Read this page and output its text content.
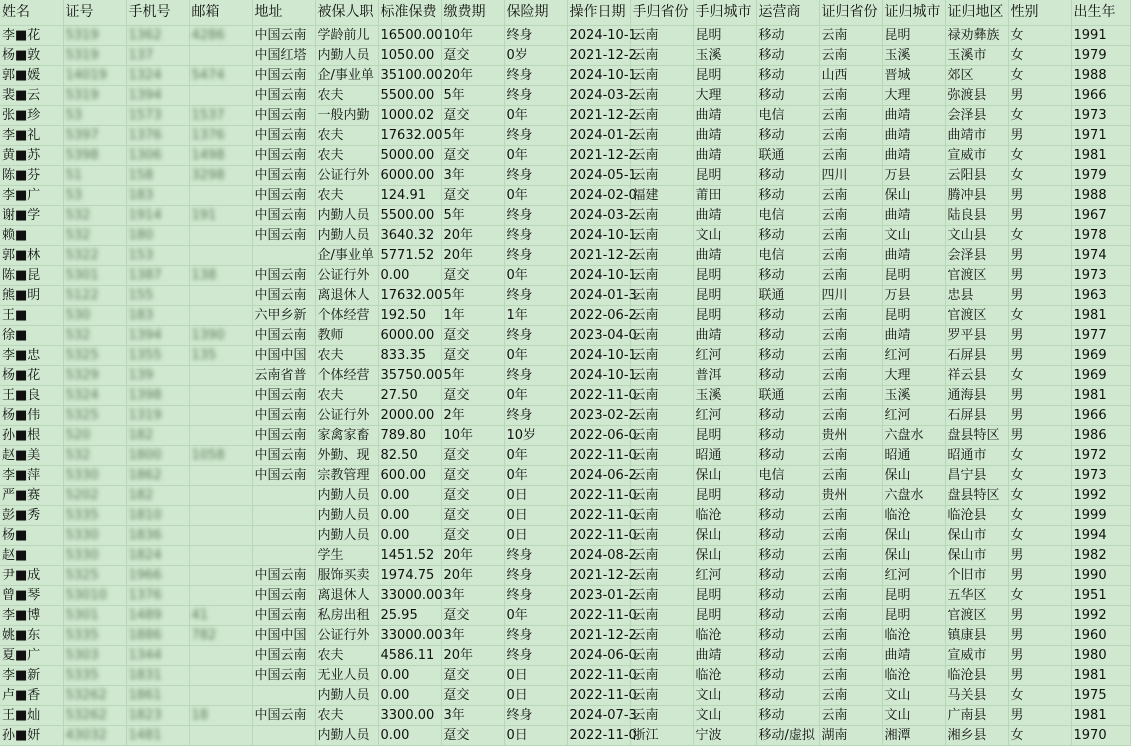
姓名	证号	手机号	邮箱	地址	被保人职	标准保费	缴费期	保险期	操作日期	手归省份	手归城市	运营商	证归省份	证归城市	证归地区	性别	出生年
李■花	5319	1362	4286	中国云南	学龄前儿	16500.00	10年	终身	2024-10-1	云南	昆明	移动	云南	昆明	禄劝彝族	女	1991
杨■敦	5319	137		中国红塔	内勤人员	1050.00	趸交	0岁	2021-12-2	云南	玉溪	移动	云南	玉溪	玉溪市	女	1979
郭■媛	14019	1324	5474	中国云南	企/事业单	35100.00	20年	终身	2024-10-1	云南	昆明	移动	山西	晋城	郊区	女	1988
裴■云	5319	1394		中国云南	农夫	5500.00	5年	终身	2024-03-2	云南	大理	移动	云南	大理	弥渡县	男	1966
张■珍	53	1573	1537	中国云南	一般内勤	1000.02	趸交	0年	2021-12-2	云南	曲靖	电信	云南	曲靖	会泽县	女	1973
李■礼	5397	1376	1376	中国云南	农夫	17632.00	5年	终身	2024-01-2	云南	曲靖	移动	云南	曲靖	曲靖市	男	1971
黄■苏	5398	1306	1498	中国云南	农夫	5000.00	趸交	0年	2021-12-2	云南	曲靖	联通	云南	曲靖	宣威市	女	1981
陈■芬	51	158	3298	中国云南	公证行外	6000.00	3年	终身	2024-05-1	云南	昆明	移动	四川	万县	云阳县	女	1979
李■广	53	183		中国云南	农夫	124.91	趸交	0年	2024-02-0	福建	莆田	移动	云南	保山	腾冲县	男	1988
谢■学	532	1914	191	中国云南	内勤人员	5500.00	5年	终身	2024-03-2	云南	曲靖	电信	云南	曲靖	陆良县	男	1967
赖■	532	180		中国云南	内勤人员	3640.32	20年	终身	2024-10-1	云南	文山	移动	云南	文山	文山县	女	1978
郭■林	5322	153			企/事业单	5771.52	20年	终身	2021-12-2	云南	曲靖	电信	云南	曲靖	会泽县	男	1974
陈■昆	5301	1387	138	中国云南	公证行外	0.00	趸交	0年	2024-10-1	云南	昆明	移动	云南	昆明	官渡区	男	1973
熊■明	5122	155		中国云南	离退休人	17632.00	5年	终身	2024-01-3	云南	昆明	联通	四川	万县	忠县	男	1963
王■	530	183		六甲乡新	个体经营	192.50	1年	1年	2022-06-2	云南	昆明	移动	云南	昆明	官渡区	女	1981
徐■	532	1394	1390	中国云南	教师	6000.00	趸交	终身	2023-04-0	云南	曲靖	移动	云南	曲靖	罗平县	男	1977
李■忠	5325	1355	135	中国中国	农夫	833.35	趸交	0年	2024-10-1	云南	红河	移动	云南	红河	石屏县	男	1969
杨■花	5329	139		云南省普	个体经营	35750.00	5年	终身	2024-10-1	云南	普洱	移动	云南	大理	祥云县	女	1969
王■良	5324	1398		中国云南	农夫	27.50	趸交	0年	2022-11-0	云南	玉溪	联通	云南	玉溪	通海县	男	1981
杨■伟	5325	1319		中国云南	公证行外	2000.00	2年	终身	2023-02-2	云南	红河	移动	云南	红河	石屏县	男	1966
孙■根	520	182		中国云南	家禽家畜	789.80	10年	10岁	2022-06-0	云南	昆明	移动	贵州	六盘水	盘县特区	男	1986
赵■美	532	1800	1058	中国云南	外勤、现	82.50	趸交	0年	2022-11-0	云南	昭通	移动	云南	昭通	昭通市	女	1972
李■萍	5330	1862		中国云南	宗教管理	600.00	趸交	0年	2024-06-2	云南	保山	电信	云南	保山	昌宁县	女	1973
严■赛	5202	182			内勤人员	0.00	趸交	0日	2022-11-0	云南	昆明	移动	贵州	六盘水	盘县特区	女	1992
彭■秀	5335	1810			内勤人员	0.00	趸交	0日	2022-11-0	云南	临沧	移动	云南	临沧	临沧县	女	1999
杨■	5330	1836			内勤人员	0.00	趸交	0日	2022-11-0	云南	保山	移动	云南	保山	保山市	女	1994
赵■	5330	1824			学生	1451.52	20年	终身	2024-08-2	云南	保山	移动	云南	保山	保山市	男	1982
尹■成	5325	1966		中国云南	服饰买卖	1974.75	20年	终身	2021-12-2	云南	红河	移动	云南	红河	个旧市	男	1990
曾■琴	53010	1376		中国云南	离退休人	33000.00	3年	终身	2023-01-2	云南	昆明	移动	云南	昆明	五华区	女	1951
李■博	5301	1489	41	中国云南	私房出租	25.95	趸交	0年	2022-11-0	云南	昆明	移动	云南	昆明	官渡区	男	1992
姚■东	5335	1886	782	中国中国	公证行外	33000.00	3年	终身	2021-12-2	云南	临沧	移动	云南	临沧	镇康县	男	1960
夏■广	5303	1344		中国云南	农夫	4586.11	20年	终身	2024-06-0	云南	曲靖	移动	云南	曲靖	宣威市	男	1980
李■新	5335	1831		中国云南	无业人员	0.00	趸交	0日	2022-11-0	云南	临沧	移动	云南	临沧	临沧县	男	1981
卢■香	53262	1861			内勤人员	0.00	趸交	0日	2022-11-0	云南	文山	移动	云南	文山	马关县	女	1975
王■灿	53262	1823	18	中国云南	农夫	3300.00	3年	终身	2024-07-3	云南	文山	移动	云南	文山	广南县	男	1981
孙■妍	43032	1481			内勤人员	0.00	趸交	0日	2022-11-0	浙江	宁波	移动/虚拟	湖南	湘潭	湘乡县	女	1970
